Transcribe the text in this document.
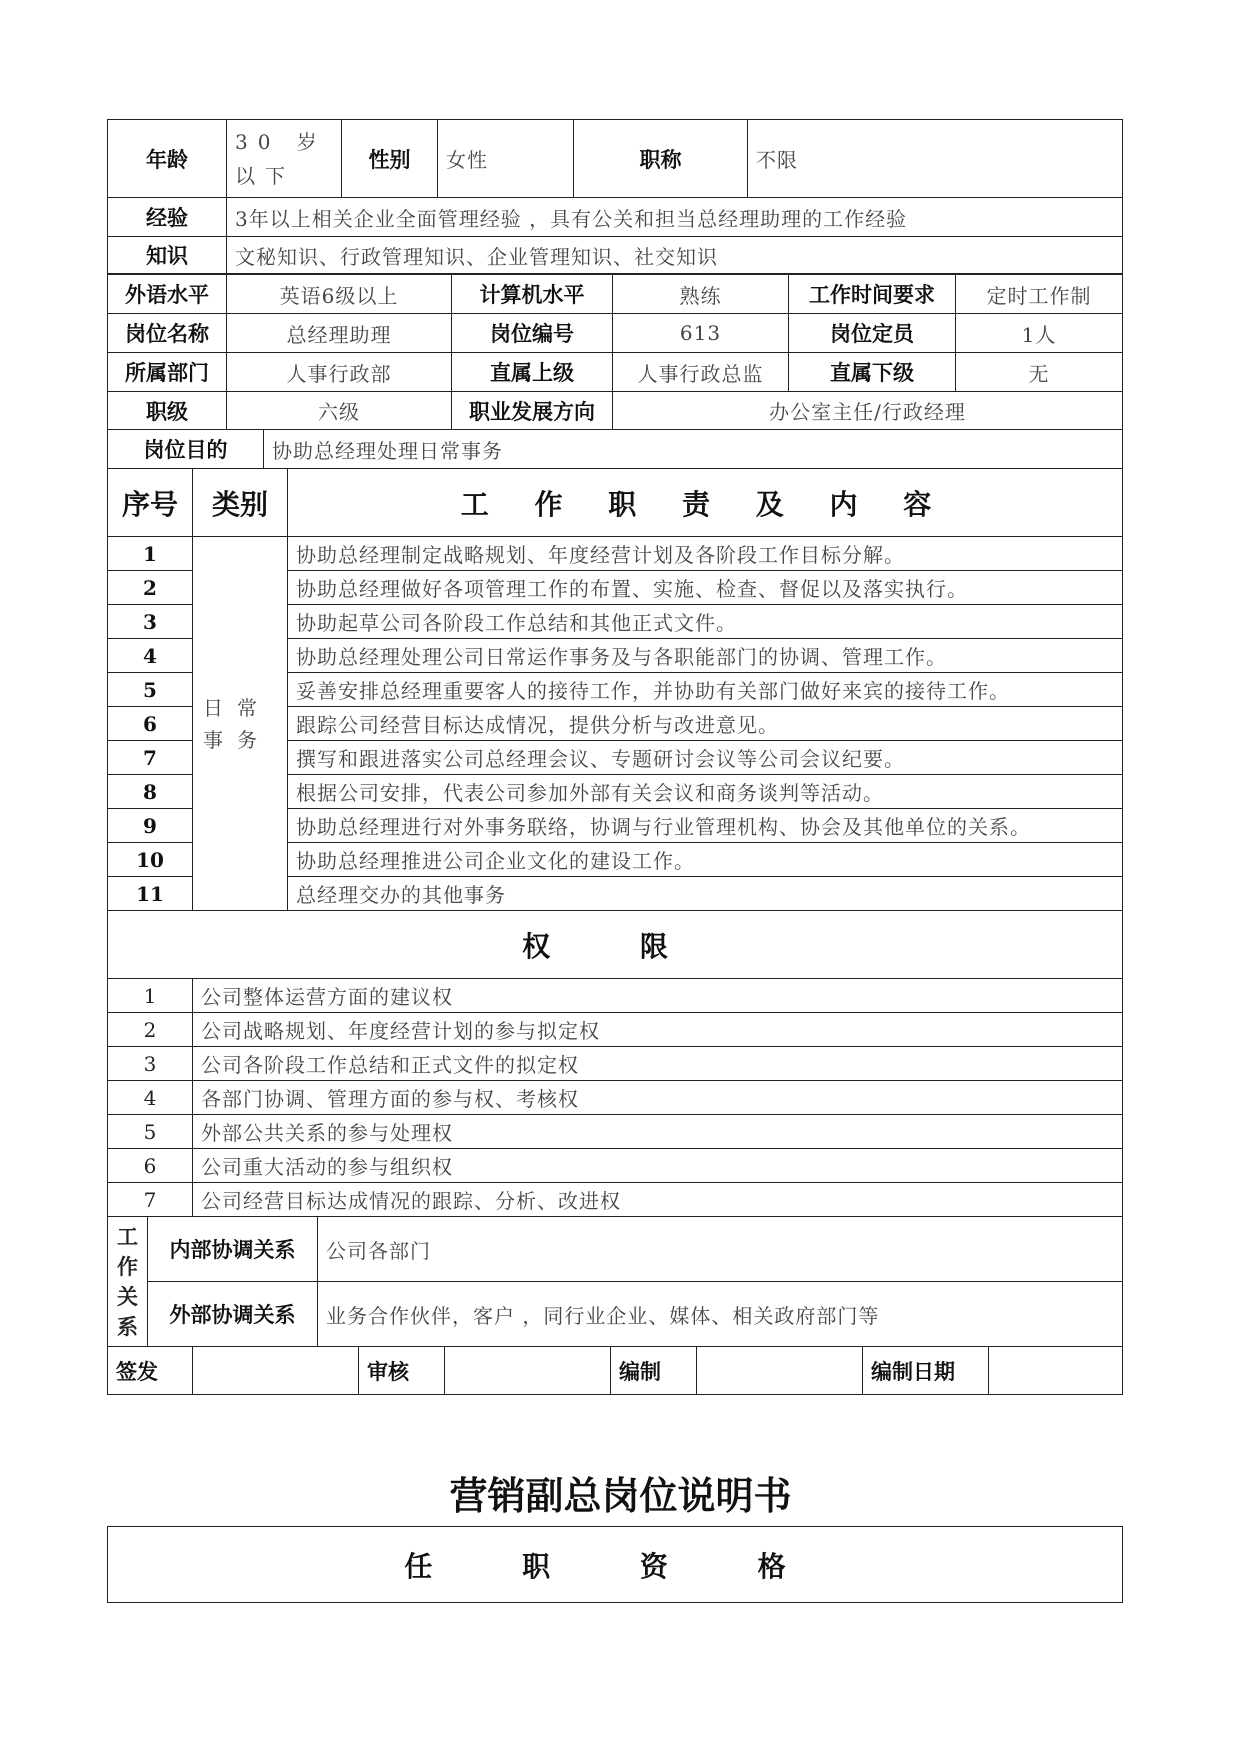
年龄	30 岁以下	性别	女性	职称	不限
经验	3年以上相关企业全面管理经验 ，具有公关和担当总经理助理的工作经验				
知识	文秘知识、行政管理知识、企业管理知识、社交知识				
外语水平	英语6级以上	计算机水平	熟练	工作时间要求	定时工作制
岗位名称	总经理助理	岗位编号	613	岗位定员	1人
所属部门	人事行政部	直属上级	人事行政总监	直属下级	无
职级	六级	职业发展方向	办公室主任/行政经理		
岗位目的	协助总经理处理日常事务
序号	类别	工 作 职 责 及 内 容
1	日常事务	协助总经理制定战略规划、年度经营计划及各阶段工作目标分解。
2		协助总经理做好各项管理工作的布置、实施、检查、督促以及落实执行。
3		协助起草公司各阶段工作总结和其他正式文件。
4		协助总经理处理公司日常运作事务及与各职能部门的协调、管理工作。
5		妥善安排总经理重要客人的接待工作，并协助有关部门做好来宾的接待工作。
6		跟踪公司经营目标达成情况，提供分析与改进意见。
7		撰写和跟进落实公司总经理会议、专题研讨会议等公司会议纪要。
8		根据公司安排，代表公司参加外部有关会议和商务谈判等活动。
9		协助总经理进行对外事务联络，协调与行业管理机构、协会及其他单位的关系。
10		协助总经理推进公司企业文化的建设工作。
11		总经理交办的其他事务
权 限	
1	公司整体运营方面的建议权
2	公司战略规划、年度经营计划的参与拟定权
3	公司各阶段工作总结和正式文件的拟定权
4	各部门协调、管理方面的参与权、考核权
5	外部公共关系的参与处理权
6	公司重大活动的参与组织权
7	公司经营目标达成情况的跟踪、分析、改进权
工作关系	内部协调关系	公司各部门
	外部协调关系	业务合作伙伴，客户 ，同行业企业、媒体、相关政府部门等
签发		审核		编制		编制日期	
营销副总岗位说明书
任 职 资 格
